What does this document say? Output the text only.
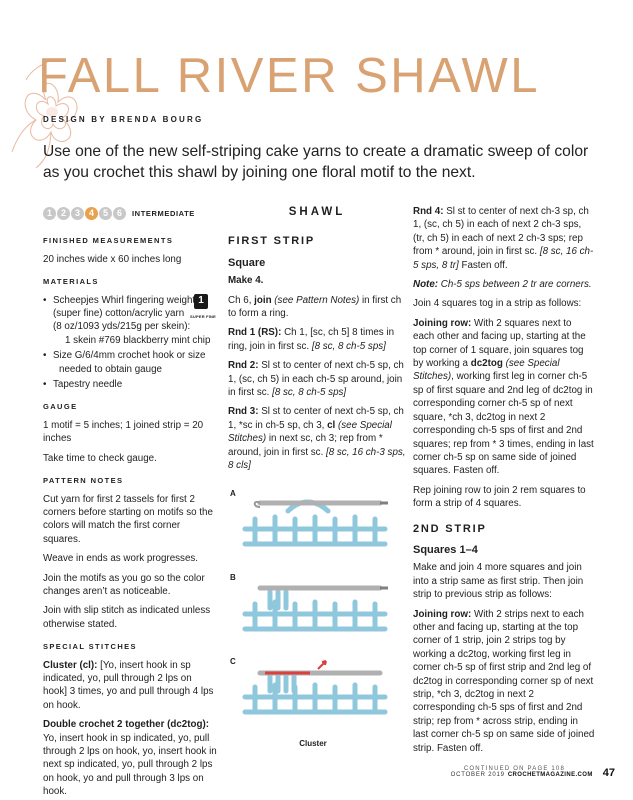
FALL RIVER SHAWL
DESIGN BY BRENDA BOURG

Use one of the new self-striping cake yarns to create a dramatic sweep of color as you crochet this shawl by joining one floral motif to the next.

1 2 3 4 5 6	INTERMEDIATE
FINISHED MEASUREMENTS

20 inches wide x 60 inches long

MATERIALS
1
SUPER FINE
• Scheepjes Whirl fingering weight
(super fine) cotton/acrylic yarn
(8 oz/1093 yds/215g per skein):
1 skein #769 blackberry mint chip
• Size G/6/4mm crochet hook or size
needed to obtain gauge
• Tapestry needle
GAUGE

1 motif = 5 inches; 1 joined strip = 20 inches

Take time to check gauge.

PATTERN NOTES

Cut yarn for first 2 tassels for first 2 corners before starting on motifs so the colors will match the first corner squares.

Weave in ends as work progresses.

Join the motifs as you go so the color changes aren’t as noticeable.

Join with slip stitch as indicated unless otherwise stated.

SPECIAL STITCHES

Cluster (cl): [Yo, insert hook in sp indicated, yo, pull through 2 lps on hook] 3 times, yo and pull through 4 lps on hook.

Double crochet 2 together (dc2tog): Yo, insert hook in sp indicated, yo, pull through 2 lps on hook, yo, insert hook in next sp indicated, yo, pull through 2 lps on hook, yo and pull through 3 lps on hook.

SHAWL
FIRST STRIP
Square

Make 4.

Ch 6, join (see Pattern Notes) in first ch to form a ring.

Rnd 1 (RS): Ch 1, [sc, ch 5] 8 times in ring, join in first sc. [8 sc, 8 ch-5 sps]

Rnd 2: Sl st to center of next ch-5 sp, ch 1, (sc, ch 5) in each ch-5 sp around, join in first sc. [8 sc, 8 ch-5 sps]

Rnd 3: Sl st to center of next ch-5 sp, ch 1, *sc in ch-5 sp, ch 3, cl (see Special Stitches) in next sc, ch 3; rep from * around, join in first sc. [8 sc, 16 ch-3 sps, 8 cls]

A
B
C
Cluster

Rnd 4: Sl st to center of next ch-3 sp, ch 1, (sc, ch 5) in each of next 2 ch-3 sps, (tr, ch 5) in each of next 2 ch-3 sps; rep from * around, join in first sc. [8 sc, 16 ch-5 sps, 8 tr] Fasten off.

Note: Ch-5 sps between 2 tr are corners.

Join 4 squares tog in a strip as follows:

Joining row: With 2 squares next to each other and facing up, starting at the top corner of 1 square, join squares tog by working a dc2tog (see Special Stitches), working first leg in corner ch-5 sp of first square and 2nd leg of dc2tog in corresponding corner ch-5 sp of next square, *ch 3, dc2tog in next 2 corresponding ch-5 sps of first and 2nd squares; rep from * 3 times, ending in last corner ch-5 sp on same side of joined squares. Fasten off.

Rep joining row to join 2 rem squares to form a strip of 4 squares.

2ND STRIP
Squares 1–4

Make and join 4 more squares and join into a strip same as first strip. Then join strip to previous strip as follows:

Joining row: With 2 strips next to each other and facing up, starting at the top corner of 1 strip, join 2 strips tog by working a dc2tog, working first leg in corner ch-5 sp of first strip and 2nd leg of dc2tog in corresponding corner sp of next strip, *ch 3, dc2tog in next 2 corresponding ch-5 sps of first and 2nd strip; rep from * across strip, ending in last corner ch-5 sp on same side of joined strip. Fasten off.

CONTINUED ON PAGE 108
OCTOBER 2019 CROCHETMAGAZINE.COM 47
